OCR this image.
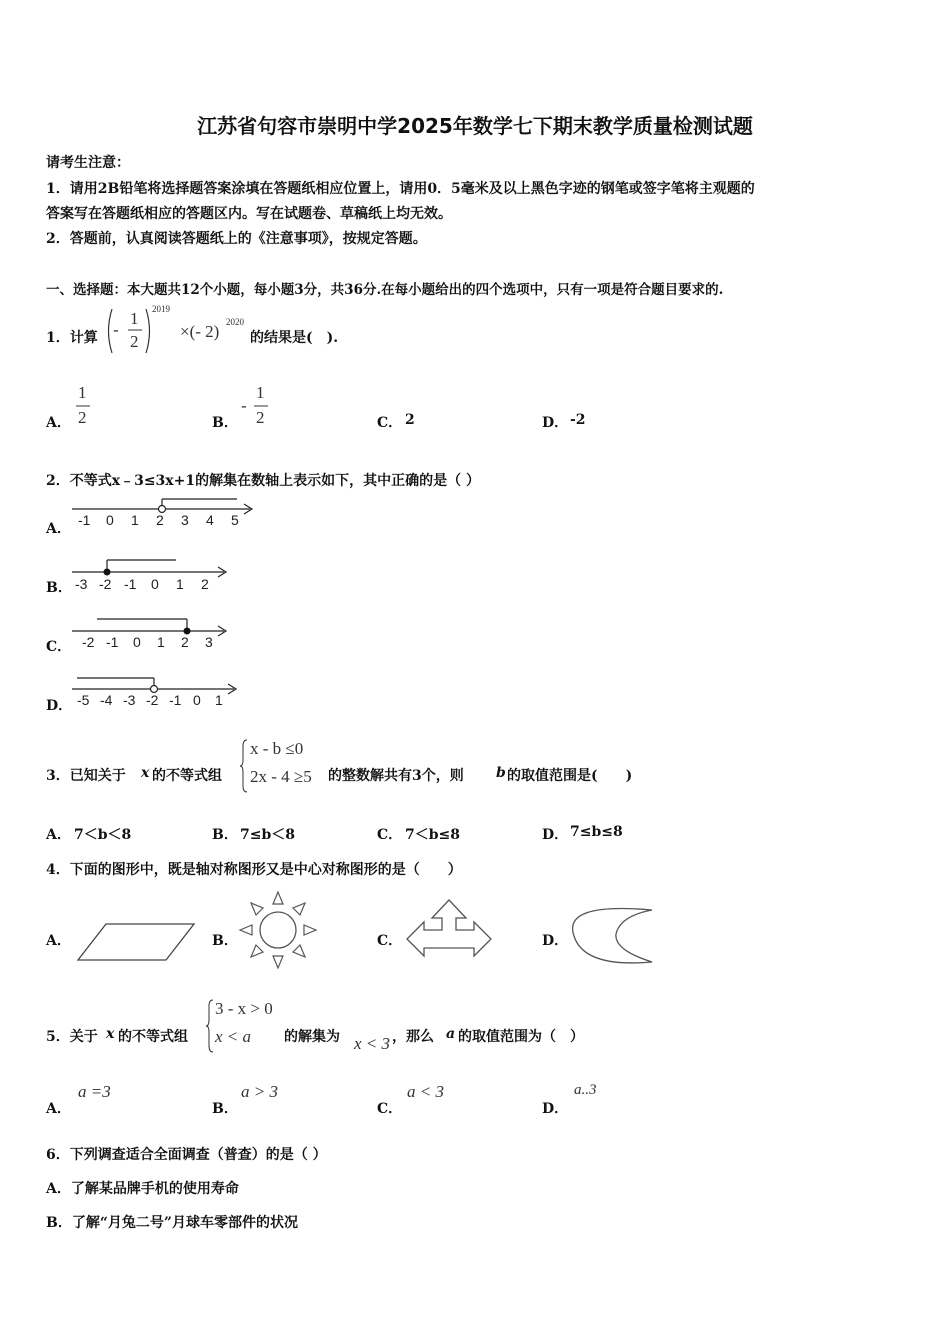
江苏省句容市崇明中学2025年数学七下期末教学质量检测试题
请考生注意：
1．请用2B铅笔将选择题答案涂填在答题纸相应位置上，请用0．5毫米及以上黑色字迹的钢笔或签字笔将主观题的
答案写在答题纸相应的答题区内。写在试题卷、草稿纸上均无效。
2．答题前，认真阅读答题纸上的《注意事项》，按规定答题。
一、选择题：本大题共12个小题，每小题3分，共36分.在每小题给出的四个选项中，只有一项是符合题目要求的.
1．计算 -
1
2
2019
×(- 2) 2020
的结果是(　).
A．
1
2	B．
-
1
2	C． 2	D． -2
2．不等式x﹣3≤3x+1的解集在数轴上表示如下，其中正确的是（ ）
A．
-1 0 1 2 3 4 5
B． -3 -2 -1 0 1 2
C． -2 -1 0 1 2 3
D． -5 -4 -3 -2 -1 0 1
3．已知关于 x 的不等式组
x - b ≤0
2x - 4 ≥5 的整数解共有3个，则 b 的取值范围是(　　)
A． 7＜b＜8	B． 7≤b＜8	C． 7＜b≤8	D． 7≤b≤8
4．下面的图形中，既是轴对称图形又是中心对称图形的是（　　）
A．	B．	C．	D．
5．关于 x 的不等式组
3 - x > 0
x < a 的解集为 x < 3 ，那么 a 的取值范围为（　）
A．
a =3
B．
a > 3
C．
a < 3
D．
a..3
6．下列调查适合全面调查（普查）的是（ ）
A．了解某品牌手机的使用寿命
B．了解“月兔二号”月球车零部件的状况
